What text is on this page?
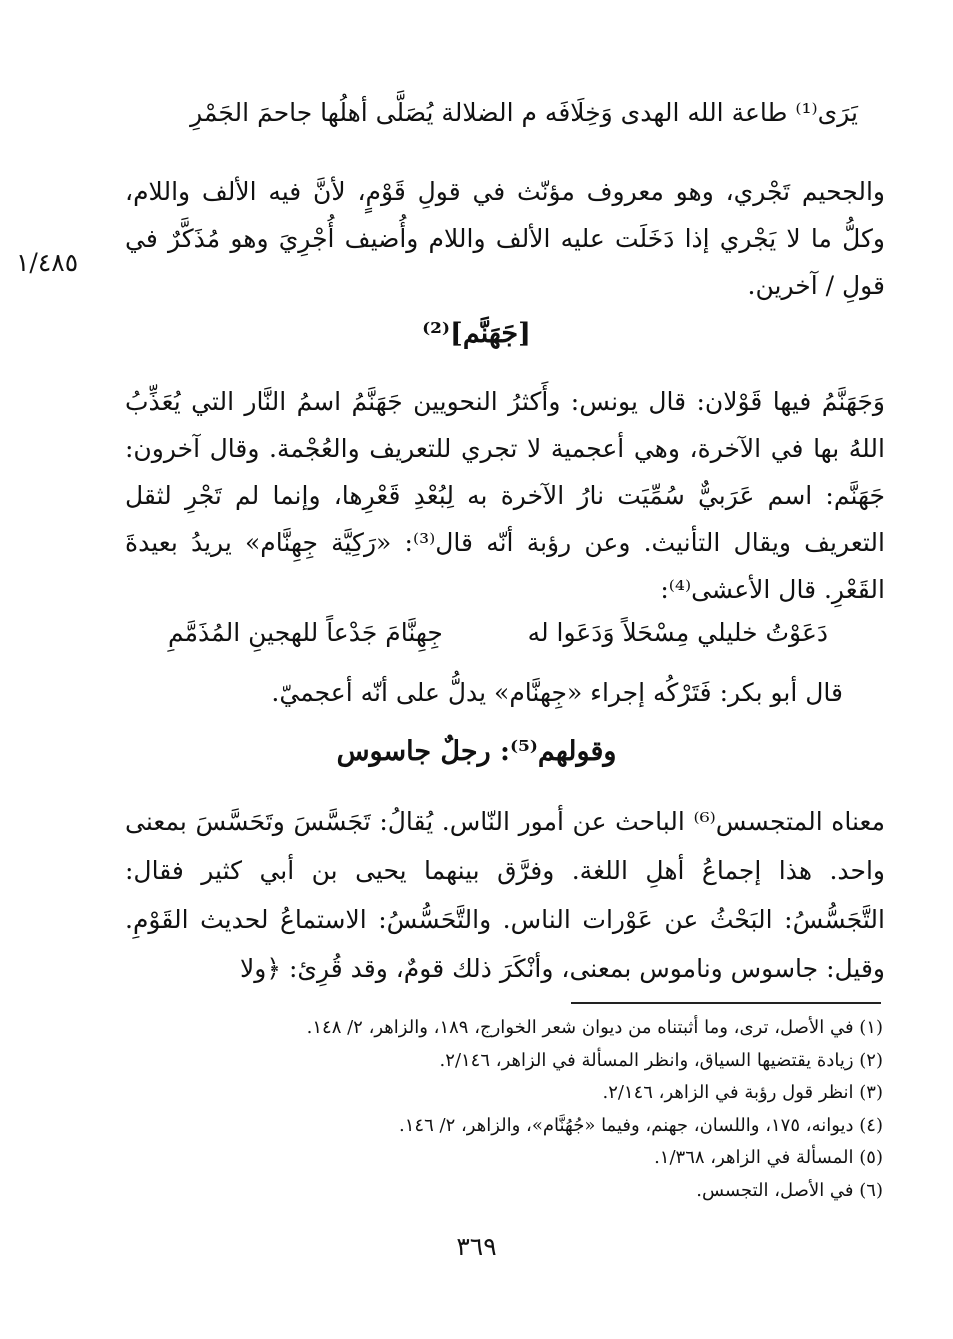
يَرَى⁽¹⁾ طاعة الله الهدى وَخِلَافَه م الضلالة يُصَلَّى أهلُها جاحمَ الجَمْرِ
والجحيم تَجْري، وهو معروف مؤنّث في قولِ قَوْمٍ، لأنَّ فيه الألف واللام، وكلُّ ما لا يَجْري إذا دَخَلَت عليه الألف واللام وأُضيف أُجْرِيَ وهو مُذَكَّرٌ في قولِ / آخرين.
١/٤٨٥
[جَهَنَّم]⁽²⁾
وَجَهَنَّمُ فيها قَوْلان: قال يونس: وأَكثرُ النحويين جَهَنَّمُ اسمُ النَّار التي يُعَذِّبُ اللهُ بها في الآخرة، وهي أعجمية لا تجري للتعريف والعُجْمة. وقال آخرون: جَهَنَّم: اسم عَرَبيٌّ سُمِّيَت نارُ الآخرة به لِبُعْدِ قَعْرِها، وإنما لم تَجْرِ لثقل التعريف ويقال التأنيث. وعن رؤبة أنّه قال⁽³⁾: «رَكِيَّة جِهِنَّام» يريدُ بعيدةَ القَعْرِ. قال الأعشى⁽⁴⁾:
دَعَوْتُ خليلي مِسْحَلاً وَدَعَوا له
جِهِنَّامَ جَدْعاً للهجينِ المُذَمَّمِ
قال أبو بكر: فَتَرْكُه إجراء «جِهنَّام» يدلُّ على أنّه أعجميّ.
وقولهم⁽⁵⁾: رجلٌ جاسوس
معناه المتجسس⁽⁶⁾ الباحث عن أمور النّاس. يُقالُ: تَجَسَّسَ وتَحَسَّسَ بمعنى واحد. هذا إجماعُ أهلِ اللغة. وفرَّق بينهما يحيى بن أبي كثير فقال: التَّجَسُّسُ: البَحْثُ عن عَوْرات الناس. والتَّحَسُّسُ: الاستماعُ لحديث القَوْمِ. وقيل: جاسوس وناموس بمعنى، وأنْكَرَ ذلك قومٌ، وقد قُرِئ: ﴿ولا
(١) في الأصل، ترى، وما أثبتناه من ديوان شعر الخوارج، ١٨٩، والزاهر، ٢/ ١٤٨.
(٢) زيادة يقتضيها السياق، وانظر المسألة في الزاهر، ٢/١٤٦.
(٣) انظر قول رؤبة في الزاهر، ٢/١٤٦.
(٤) ديوانه، ١٧٥، واللسان، جهنم، وفيما «جُهُنَّام»، والزاهر، ٢/ ١٤٦.
(٥) المسألة في الزاهر، ١/٣٦٨.
(٦) في الأصل، التجسس.
٣٦٩
